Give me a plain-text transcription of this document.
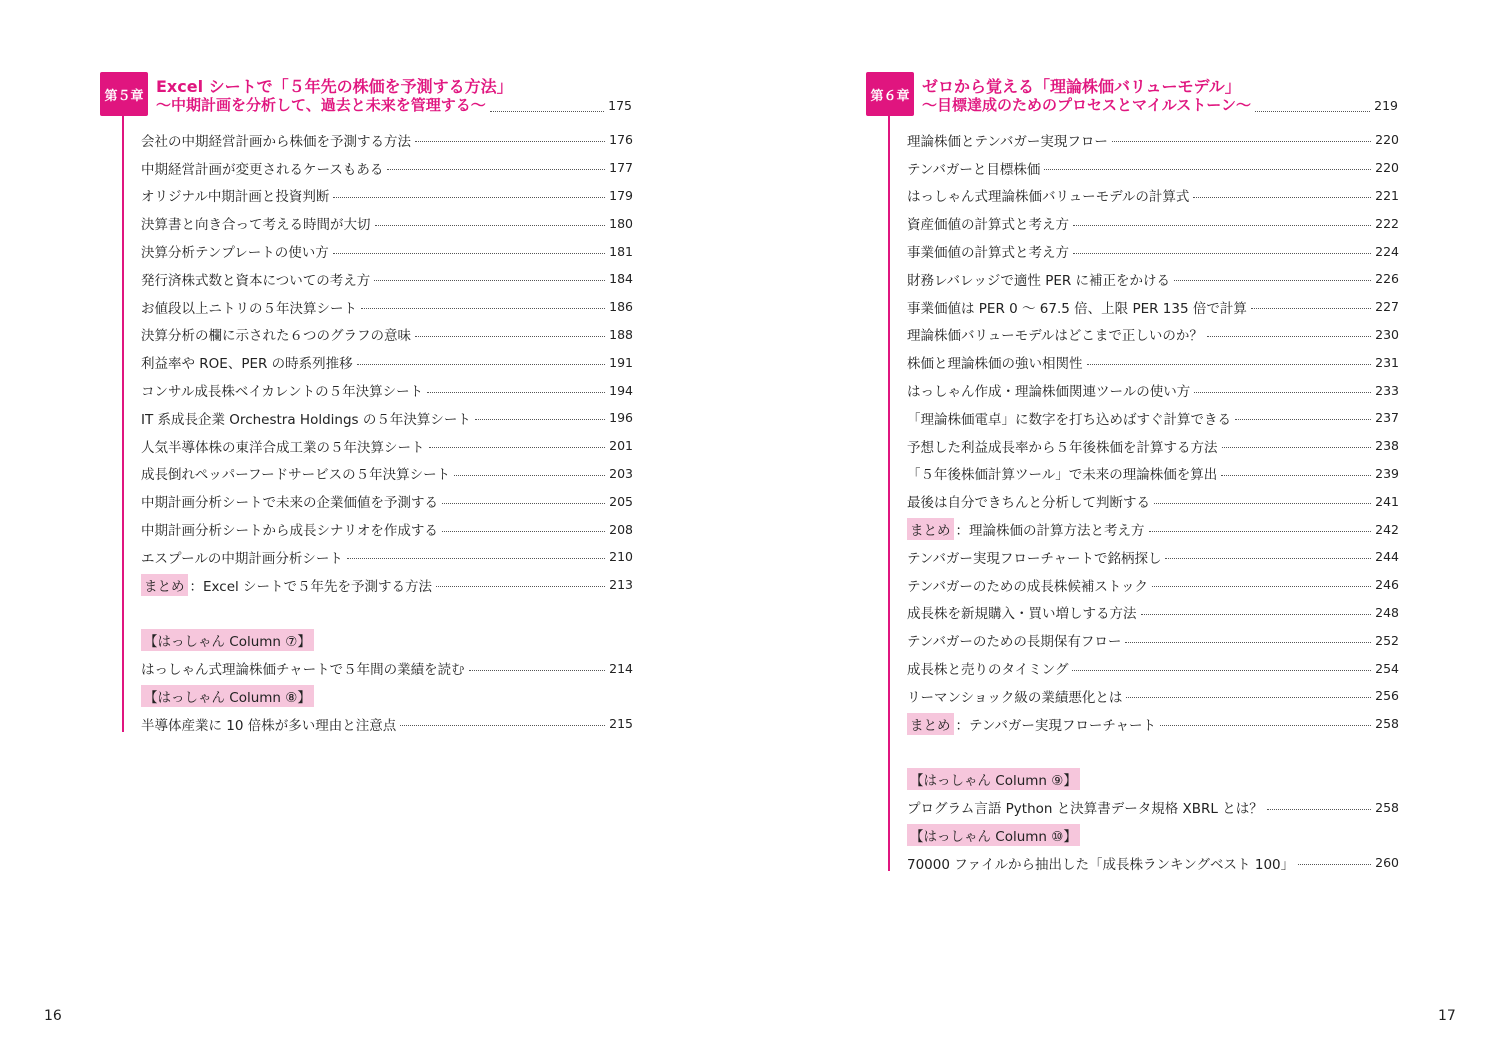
第５章 Excel シートで「５年先の株価を予測する方法」
〜中期計画を分析して、過去と未来を管理する〜	175
会社の中期経営計画から株価を予測する方法	176
中期経営計画が変更されるケースもある	177
オリジナル中期計画と投資判断	179
決算書と向き合って考える時間が大切	180
決算分析テンプレートの使い方	181
発行済株式数と資本についての考え方	184
お値段以上ニトリの５年決算シート	186
決算分析の欄に示された６つのグラフの意味	188
利益率や ROE、PER の時系列推移	191
コンサル成長株ベイカレントの５年決算シート	194
IT 系成長企業 Orchestra Holdings の５年決算シート	196
人気半導体株の東洋合成工業の５年決算シート	201
成長倒れペッパーフードサービスの５年決算シート	203
中期計画分析シートで未来の企業価値を予測する	205
中期計画分析シートから成長シナリオを作成する	208
エスプールの中期計画分析シート	210
まとめ ：Excel シートで５年先を予測する方法	213
【はっしゃん Column ⑦】
はっしゃん式理論株価チャートで５年間の業績を読む	214
【はっしゃん Column ⑧】
半導体産業に 10 倍株が多い理由と注意点	215
16
第６章 ゼロから覚える「理論株価バリューモデル」
〜目標達成のためのプロセスとマイルストーン〜	219
理論株価とテンバガー実現フロー	220
テンバガーと目標株価	220
はっしゃん式理論株価バリューモデルの計算式	221
資産価値の計算式と考え方	222
事業価値の計算式と考え方	224
財務レバレッジで適性 PER に補正をかける	226
事業価値は PER 0 〜 67.5 倍、上限 PER 135 倍で計算	227
理論株価バリューモデルはどこまで正しいのか？	230
株価と理論株価の強い相関性	231
はっしゃん作成・理論株価関連ツールの使い方	233
「理論株価電卓」に数字を打ち込めばすぐ計算できる	237
予想した利益成長率から５年後株価を計算する方法	238
「５年後株価計算ツール」で未来の理論株価を算出	239
最後は自分できちんと分析して判断する	241
まとめ ：理論株価の計算方法と考え方	242
テンバガー実現フローチャートで銘柄探し	244
テンバガーのための成長株候補ストック	246
成長株を新規購入・買い増しする方法	248
テンバガーのための長期保有フロー	252
成長株と売りのタイミング	254
リーマンショック級の業績悪化とは	256
まとめ ：テンバガー実現フローチャート	258
【はっしゃん Column ⑨】
プログラム言語 Python と決算書データ規格 XBRL とは？	258
【はっしゃん Column ⑩】
70000 ファイルから抽出した「成長株ランキングベスト 100」	260
17
